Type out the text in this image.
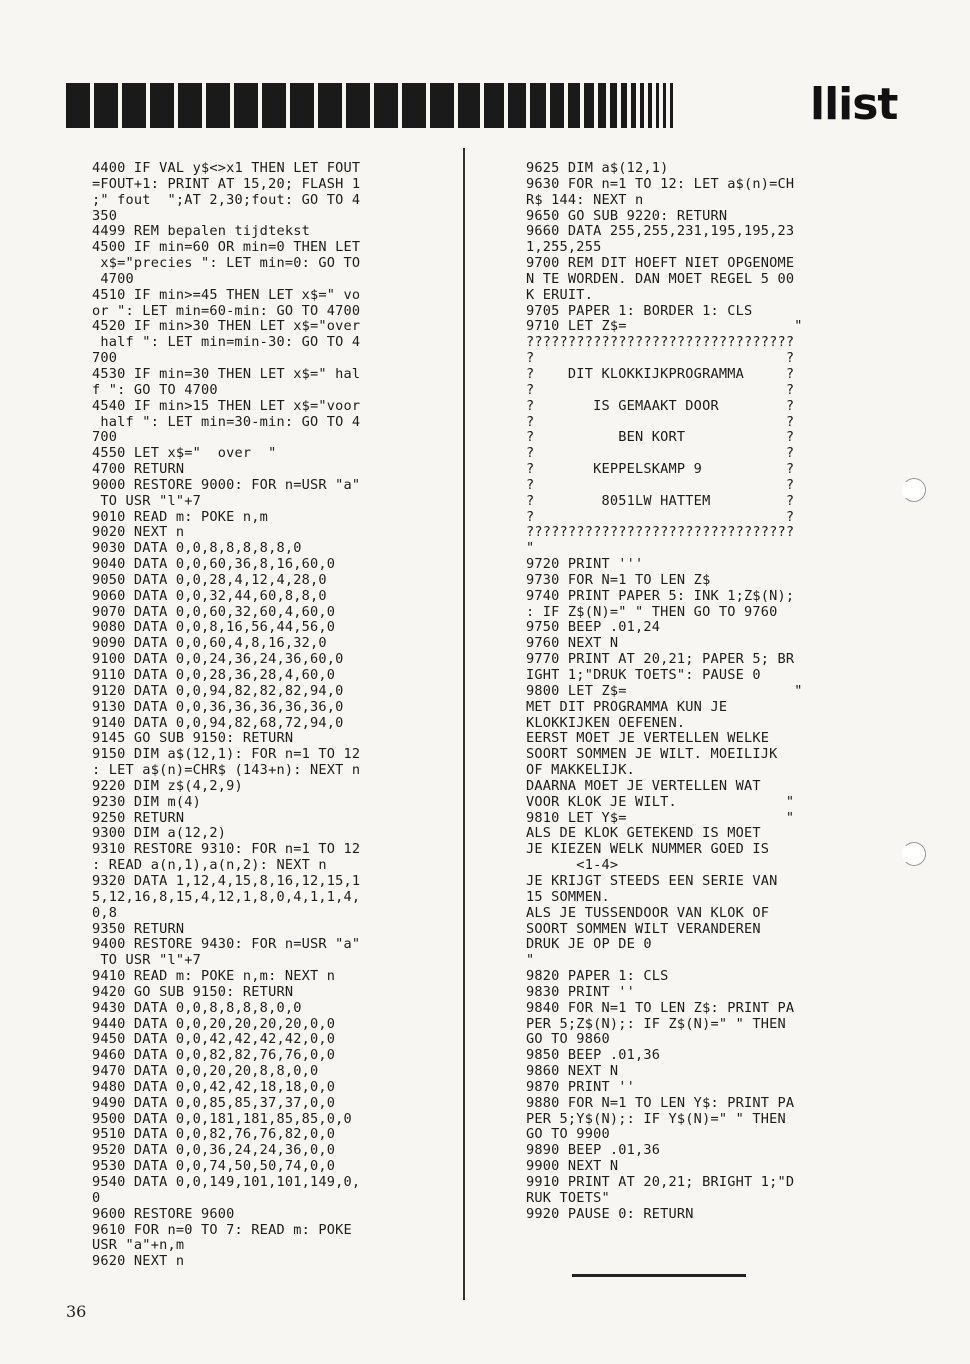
llist
4400 IF VAL y$<>x1 THEN LET FOUT
=FOUT+1: PRINT AT 15,20; FLASH 1
;" fout  ";AT 2,30;fout: GO TO 4
350
4499 REM bepalen tijdtekst
4500 IF min=60 OR min=0 THEN LET
x$="precies ": LET min=0: GO TO
4700
4510 IF min>=45 THEN LET x$=" vo
or ": LET min=60-min: GO TO 4700
4520 IF min>30 THEN LET x$="over
half ": LET min=min-30: GO TO 4
700
4530 IF min=30 THEN LET x$=" hal
f ": GO TO 4700
4540 IF min>15 THEN LET x$="voor
half ": LET min=30-min: GO TO 4
700
4550 LET x$="  over  "
4700 RETURN
9000 RESTORE 9000: FOR n=USR "a"
TO USR "l"+7
9010 READ m: POKE n,m
9020 NEXT n
9030 DATA 0,0,8,8,8,8,8,0
9040 DATA 0,0,60,36,8,16,60,0
9050 DATA 0,0,28,4,12,4,28,0
9060 DATA 0,0,32,44,60,8,8,0
9070 DATA 0,0,60,32,60,4,60,0
9080 DATA 0,0,8,16,56,44,56,0
9090 DATA 0,0,60,4,8,16,32,0
9100 DATA 0,0,24,36,24,36,60,0
9110 DATA 0,0,28,36,28,4,60,0
9120 DATA 0,0,94,82,82,82,94,0
9130 DATA 0,0,36,36,36,36,36,0
9140 DATA 0,0,94,82,68,72,94,0
9145 GO SUB 9150: RETURN
9150 DIM a$(12,1): FOR n=1 TO 12
: LET a$(n)=CHR$ (143+n): NEXT n
9220 DIM z$(4,2,9)
9230 DIM m(4)
9250 RETURN
9300 DIM a(12,2)
9310 RESTORE 9310: FOR n=1 TO 12
: READ a(n,1),a(n,2): NEXT n
9320 DATA 1,12,4,15,8,16,12,15,1
5,12,16,8,15,4,12,1,8,0,4,1,1,4,
0,8
9350 RETURN
9400 RESTORE 9430: FOR n=USR "a"
TO USR "l"+7
9410 READ m: POKE n,m: NEXT n
9420 GO SUB 9150: RETURN
9430 DATA 0,0,8,8,8,8,0,0
9440 DATA 0,0,20,20,20,20,0,0
9450 DATA 0,0,42,42,42,42,0,0
9460 DATA 0,0,82,82,76,76,0,0
9470 DATA 0,0,20,20,8,8,0,0
9480 DATA 0,0,42,42,18,18,0,0
9490 DATA 0,0,85,85,37,37,0,0
9500 DATA 0,0,181,181,85,85,0,0
9510 DATA 0,0,82,76,76,82,0,0
9520 DATA 0,0,36,24,24,36,0,0
9530 DATA 0,0,74,50,50,74,0,0
9540 DATA 0,0,149,101,101,149,0,
0
9600 RESTORE 9600
9610 FOR n=0 TO 7: READ m: POKE
USR "a"+n,m
9620 NEXT n
9625 DIM a$(12,1)
9630 FOR n=1 TO 12: LET a$(n)=CH
R$ 144: NEXT n
9650 GO SUB 9220: RETURN
9660 DATA 255,255,231,195,195,23
1,255,255
9700 REM DIT HOEFT NIET OPGENOME
N TE WORDEN. DAN MOET REGEL 5 00
K ERUIT.
9705 PAPER 1: BORDER 1: CLS
9710 LET Z$=                    "
????????????????????????????????
?                              ?
?    DIT KLOKKIJKPROGRAMMA     ?
?                              ?
?       IS GEMAAKT DOOR        ?
?                              ?
?          BEN KORT            ?
?                              ?
?       KEPPELSKAMP 9          ?
?                              ?
?        8051LW HATTEM         ?
?                              ?
????????????????????????????????
"
9720 PRINT '''
9730 FOR N=1 TO LEN Z$
9740 PRINT PAPER 5: INK 1;Z$(N);
: IF Z$(N)=" " THEN GO TO 9760
9750 BEEP .01,24
9760 NEXT N
9770 PRINT AT 20,21; PAPER 5; BR
IGHT 1;"DRUK TOETS": PAUSE 0
9800 LET Z$=                    "
MET DIT PROGRAMMA KUN JE
KLOKKIJKEN OEFENEN.
EERST MOET JE VERTELLEN WELKE
SOORT SOMMEN JE WILT. MOEILIJK
OF MAKKELIJK.
DAARNA MOET JE VERTELLEN WAT
VOOR KLOK JE WILT.             "
9810 LET Y$=                   "
ALS DE KLOK GETEKEND IS MOET
JE KIEZEN WELK NUMMER GOED IS
<1-4>
JE KRIJGT STEEDS EEN SERIE VAN
15 SOMMEN.
ALS JE TUSSENDOOR VAN KLOK OF
SOORT SOMMEN WILT VERANDEREN
DRUK JE OP DE 0
"
9820 PAPER 1: CLS
9830 PRINT ''
9840 FOR N=1 TO LEN Z$: PRINT PA
PER 5;Z$(N);: IF Z$(N)=" " THEN
GO TO 9860
9850 BEEP .01,36
9860 NEXT N
9870 PRINT ''
9880 FOR N=1 TO LEN Y$: PRINT PA
PER 5;Y$(N);: IF Y$(N)=" " THEN
GO TO 9900
9890 BEEP .01,36
9900 NEXT N
9910 PRINT AT 20,21; BRIGHT 1;"D
RUK TOETS"
9920 PAUSE 0: RETURN
36
